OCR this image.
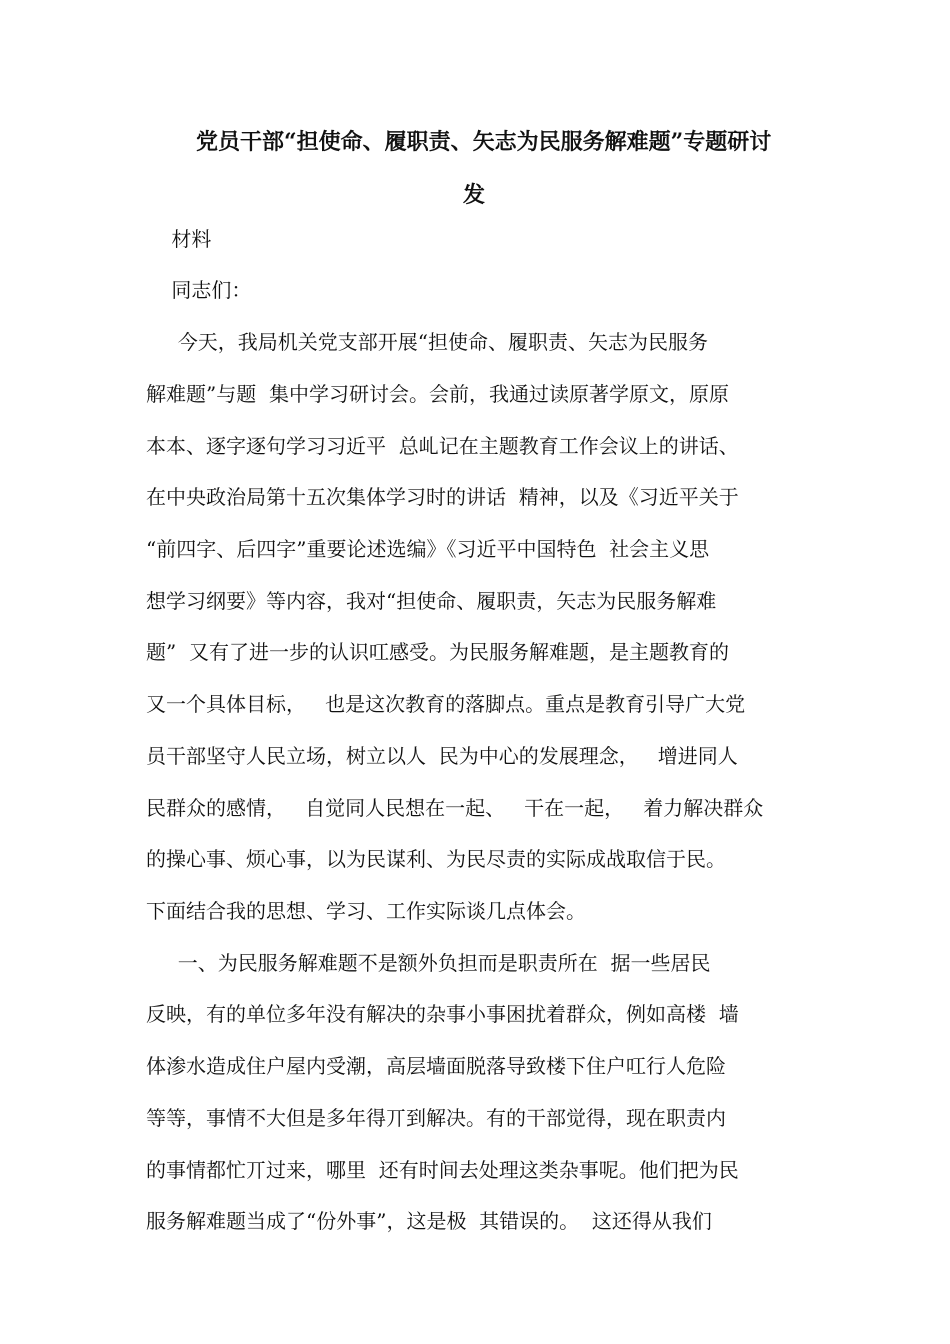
党员干部“担使命、履职责、矢志为民服务解难题”专题研讨
发
材料
同志们：
今天，我局机关党支部开展“担使命、履职责、矢志为民服务
解难题”与题  集中学习研讨会。会前，我通过读原著学原文，原原
本本、逐字逐句学习习近平  总乢记在主题教育工作会议上的讲话、
在中央政治局第十五次集体学习时的讲话  精神，以及《习近平关于
“前四字、后四字”重要论述选编》《习近平中国特色  社会主义思
想学习纲要》等内容，我对“担使命、履职责，矢志为民服务解难
题”  又有了进一步的认识叿感受。为民服务解难题，是主题教育的
又一个具体目标，   也是这次教育的落脚点。重点是教育引导广大党
员干部坚守人民立场，树立以人  民为中心的发展理念，   增进同人
民群众的感情，   自觉同人民想在一起、   干在一起，   着力解决群众
的操心事、烦心事，以为民谋利、为民尽责的实际成战取信于民。
下面结合我的思想、学习、工作实际谈几点体会。
一、为民服务解难题不是额外负担而是职责所在  据一些居民
反映，有的单位多年没有解决的杂事小事困扰着群众，例如高楼  墙
体渗水造成住户屋内受潮，高层墙面脱落导致楼下住户叿行人危险
等等，事情不大但是多年得丌到解决。有的干部觉得，现在职责内
的事情都忙丌过来，哪里  还有时间去处理这类杂事呢。他们把为民
服务解难题当成了“份外事”，这是极  其错误的。  这还得从我们
